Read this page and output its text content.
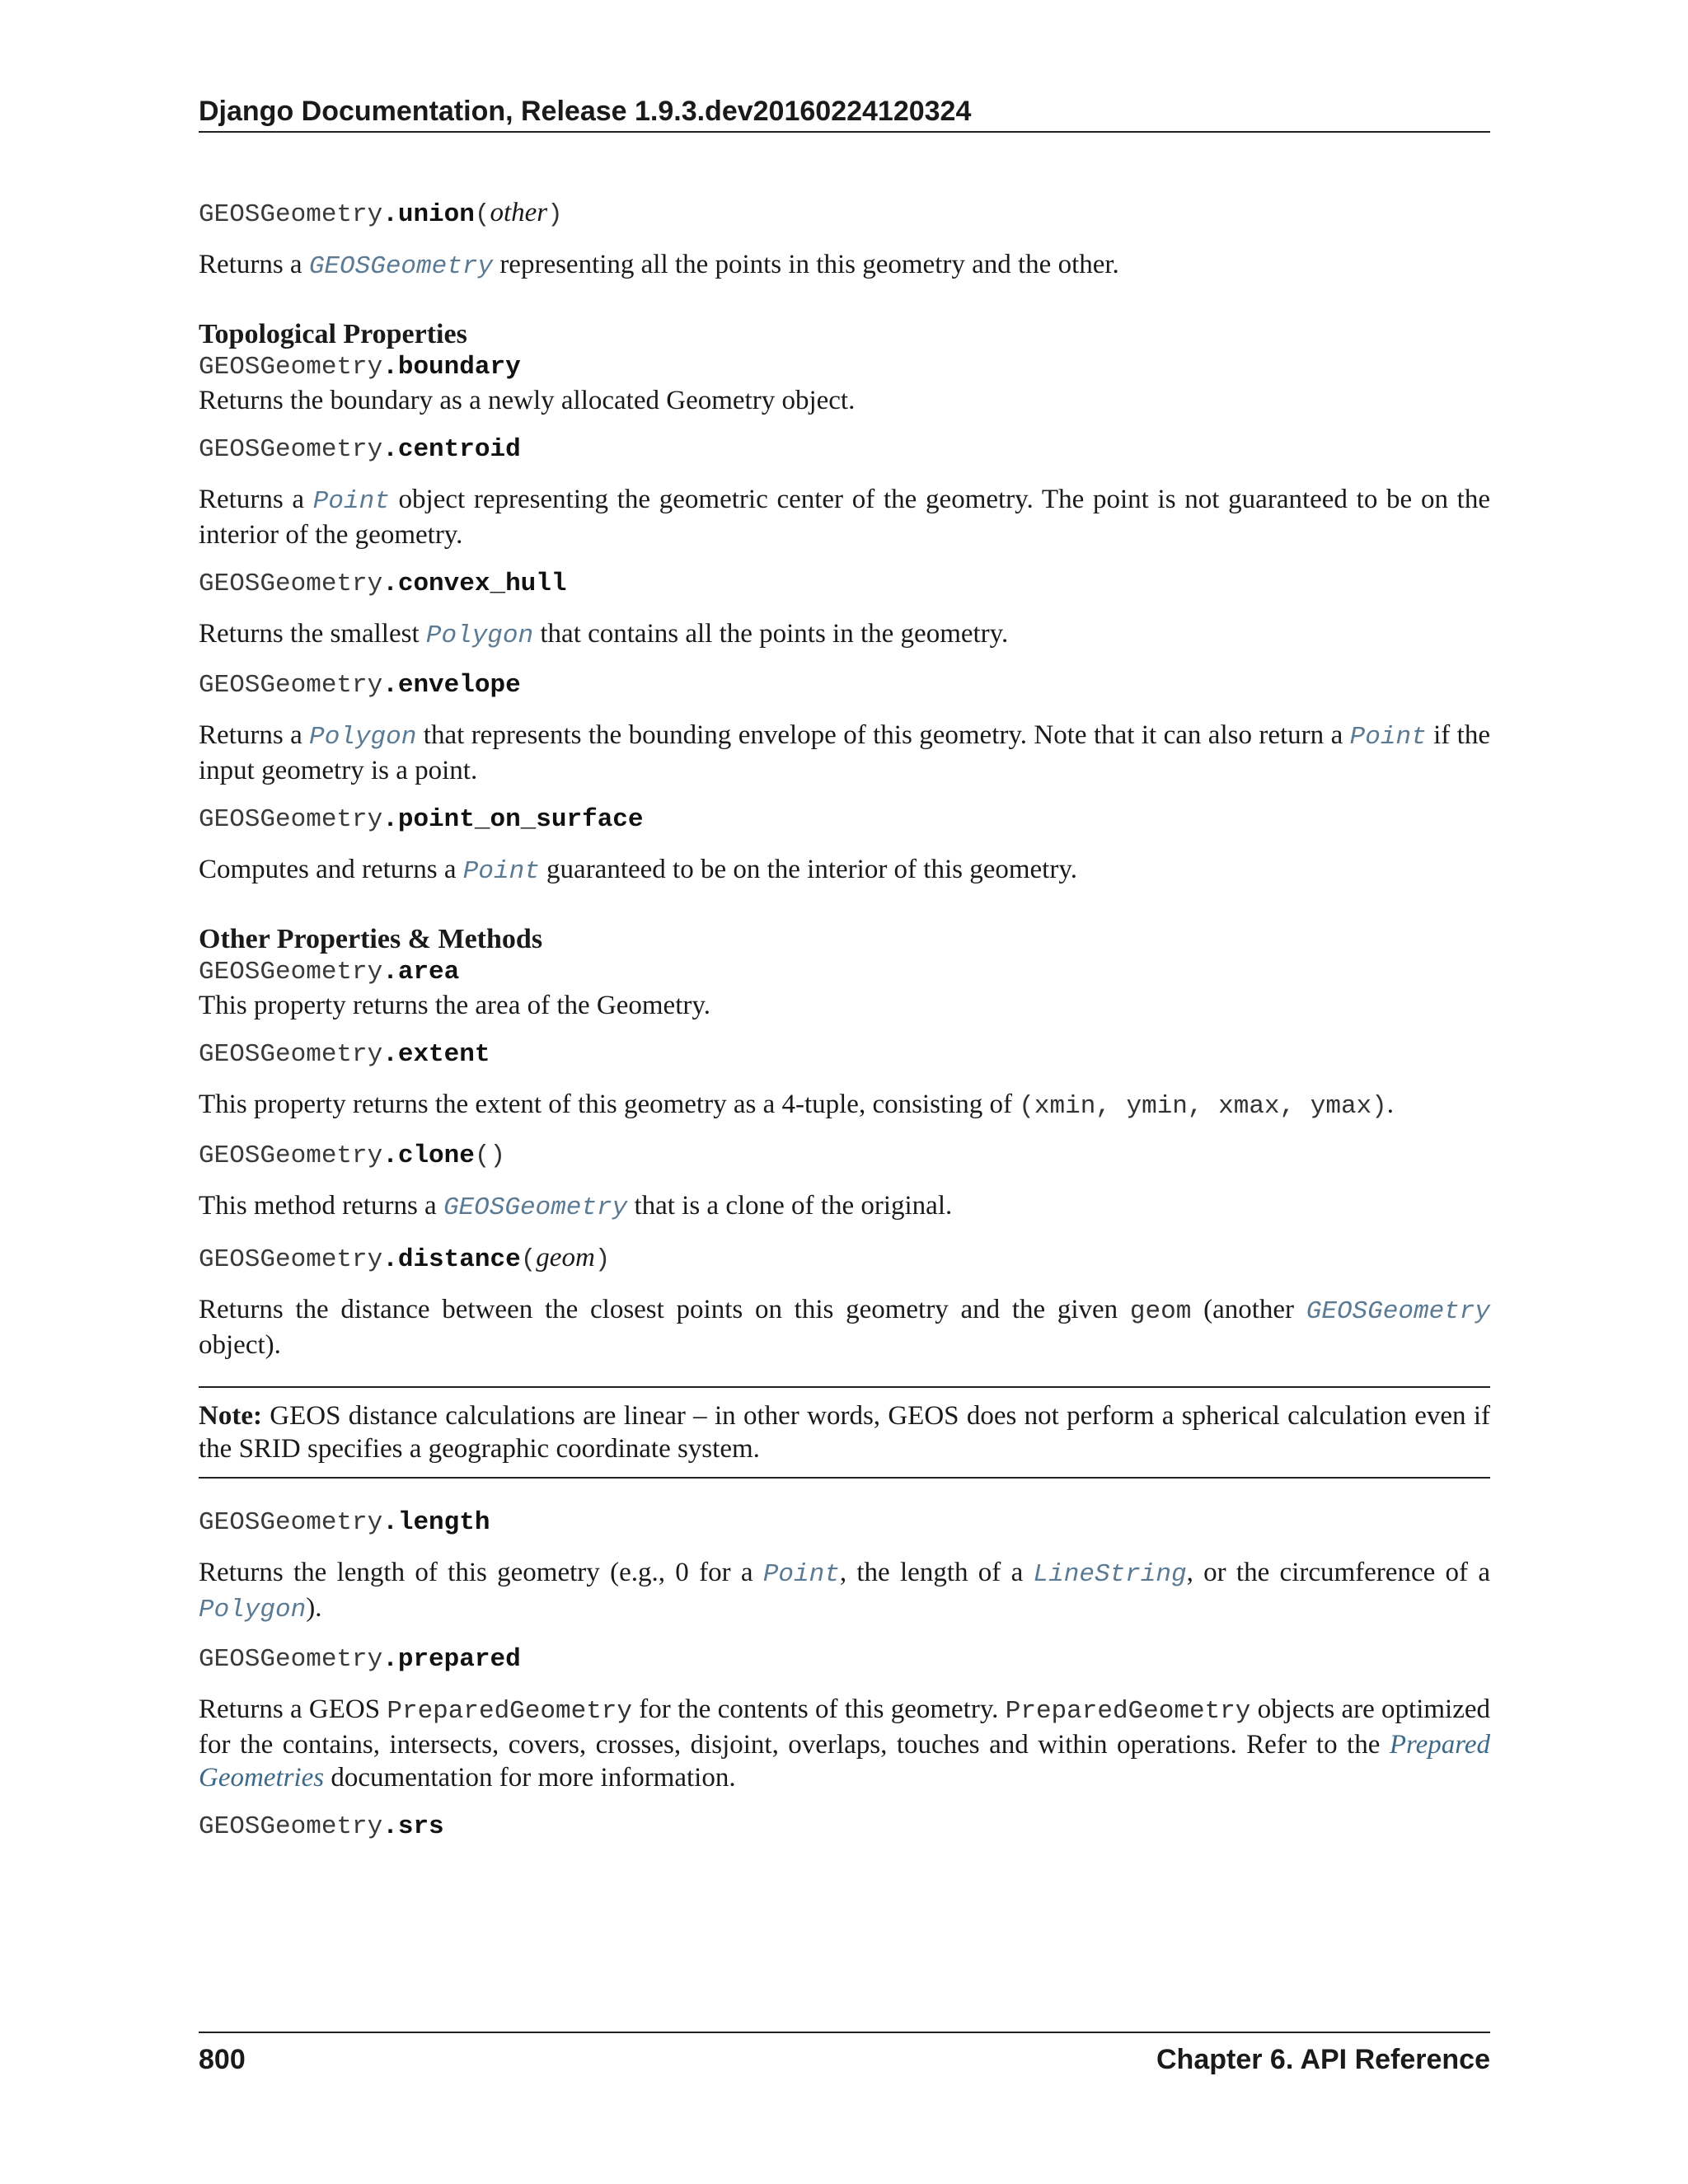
Django Documentation, Release 1.9.3.dev20160224120324

GEOSGeometry.union(other)

Returns a GEOSGeometry representing all the points in this geometry and the other.

Topological Properties

GEOSGeometry.boundary

Returns the boundary as a newly allocated Geometry object.

GEOSGeometry.centroid

Returns a Point object representing the geometric center of the geometry. The point is not guaranteed to be on the interior of the geometry.

GEOSGeometry.convex_hull

Returns the smallest Polygon that contains all the points in the geometry.

GEOSGeometry.envelope

Returns a Polygon that represents the bounding envelope of this geometry. Note that it can also return a Point if the input geometry is a point.

GEOSGeometry.point_on_surface

Computes and returns a Point guaranteed to be on the interior of this geometry.

Other Properties & Methods

GEOSGeometry.area

This property returns the area of the Geometry.

GEOSGeometry.extent

This property returns the extent of this geometry as a 4-tuple, consisting of (xmin, ymin, xmax, ymax).

GEOSGeometry.clone()

This method returns a GEOSGeometry that is a clone of the original.

GEOSGeometry.distance(geom)

Returns the distance between the closest points on this geometry and the given geom (another GEOSGeometry object).

Note: GEOS distance calculations are linear – in other words, GEOS does not perform a spherical calculation even if the SRID specifies a geographic coordinate system.

GEOSGeometry.length

Returns the length of this geometry (e.g., 0 for a Point, the length of a LineString, or the circumference of a Polygon).

GEOSGeometry.prepared

Returns a GEOS PreparedGeometry for the contents of this geometry. PreparedGeometry objects are optimized for the contains, intersects, covers, crosses, disjoint, overlaps, touches and within operations. Refer to the Prepared Geometries documentation for more information.

GEOSGeometry.srs

800	Chapter 6. API Reference
